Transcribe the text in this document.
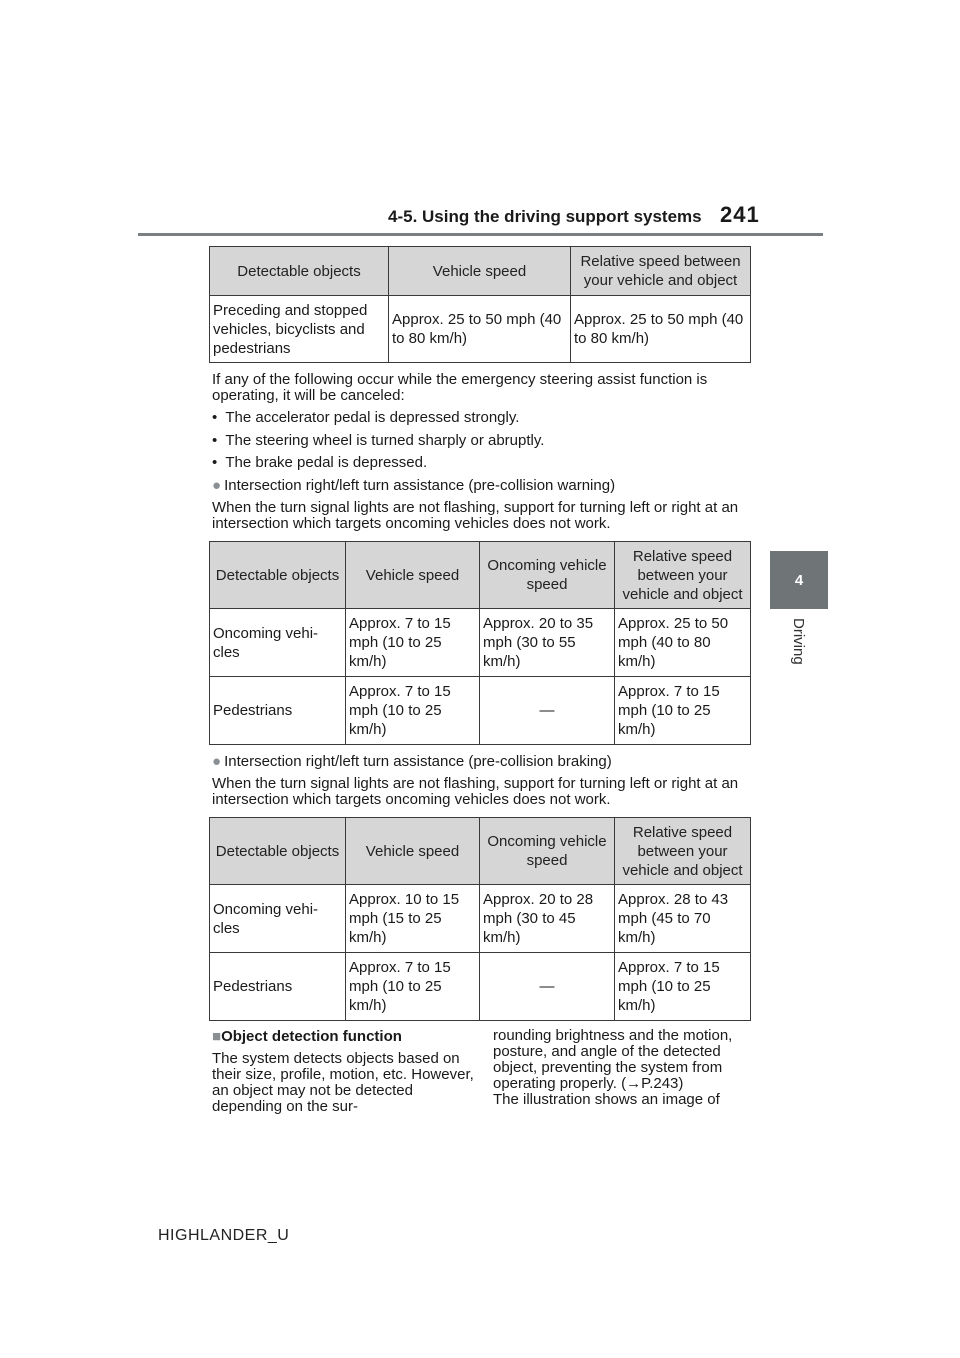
4-5. Using the driving support systems 241
4
Driving
Detectable objects	Vehicle speed	Relative speed between your vehicle and object
Preceding and stopped vehicles, bicyclists and pedestrians	Approx. 25 to 50 mph (40 to 80 km/h)	Approx. 25 to 50 mph (40 to 80 km/h)
If any of the following occur while the emergency steering assist function is operating, it will be canceled:
• The accelerator pedal is depressed strongly.
• The steering wheel is turned sharply or abruptly.
• The brake pedal is depressed.
● Intersection right/left turn assistance (pre-collision warning)
When the turn signal lights are not flashing, support for turning left or right at an intersection which targets oncoming vehicles does not work.
Detectable objects	Vehicle speed	Oncoming vehicle speed	Relative speed between your vehicle and object
Oncoming vehi-cles	Approx. 7 to 15 mph (10 to 25 km/h)	Approx. 20 to 35 mph (30 to 55 km/h)	Approx. 25 to 50 mph (40 to 80 km/h)
Pedestrians	Approx. 7 to 15 mph (10 to 25 km/h)	—	Approx. 7 to 15 mph (10 to 25 km/h)
● Intersection right/left turn assistance (pre-collision braking)
When the turn signal lights are not flashing, support for turning left or right at an intersection which targets oncoming vehicles does not work.
Detectable objects	Vehicle speed	Oncoming vehicle speed	Relative speed between your vehicle and object
Oncoming vehi-cles	Approx. 10 to 15 mph (15 to 25 km/h)	Approx. 20 to 28 mph (30 to 45 km/h)	Approx. 28 to 43 mph (45 to 70 km/h)
Pedestrians	Approx. 7 to 15 mph (10 to 25 km/h)	—	Approx. 7 to 15 mph (10 to 25 km/h)
■Object detection function
The system detects objects based on their size, profile, motion, etc. However, an object may not be detected depending on the sur-
rounding brightness and the motion, posture, and angle of the detected object, preventing the system from operating properly. (→P.243)
The illustration shows an image of
HIGHLANDER_U
